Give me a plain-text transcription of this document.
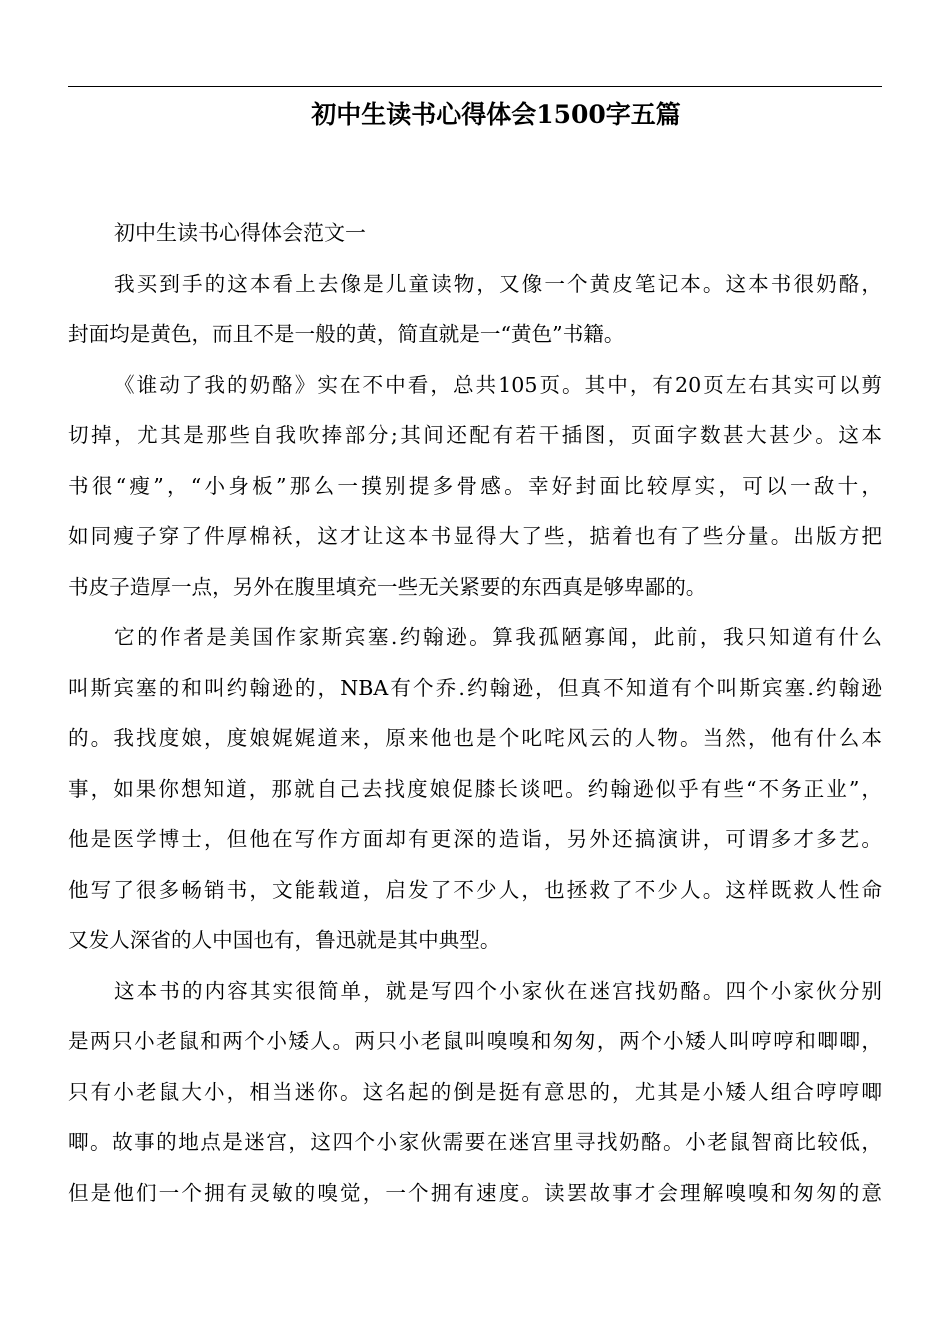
初中生读书心得体会1500字五篇

初中生读书心得体会范文一

我买到手的这本看上去像是儿童读物，又像一个黄皮笔记本。这本书很奶酪，
封面均是黄色，而且不是一般的黄，简直就是一“黄色”书籍。

《谁动了我的奶酪》实在不中看，总共105页。其中，有20页左右其实可以剪
切掉，尤其是那些自我吹捧部分;其间还配有若干插图，页面字数甚大甚少。这本
书很“瘦”，“小身板”那么一摸别提多骨感。幸好封面比较厚实，可以一敌十，
如同瘦子穿了件厚棉袄，这才让这本书显得大了些，掂着也有了些分量。出版方把
书皮子造厚一点，另外在腹里填充一些无关紧要的东西真是够卑鄙的。

它的作者是美国作家斯宾塞.约翰逊。算我孤陋寡闻，此前，我只知道有什么
叫斯宾塞的和叫约翰逊的，NBA有个乔.约翰逊，但真不知道有个叫斯宾塞.约翰逊
的。我找度娘，度娘娓娓道来，原来他也是个叱咤风云的人物。当然，他有什么本
事，如果你想知道，那就自己去找度娘促膝长谈吧。约翰逊似乎有些“不务正业”，
他是医学博士，但他在写作方面却有更深的造诣，另外还搞演讲，可谓多才多艺。
他写了很多畅销书，文能载道，启发了不少人，也拯救了不少人。这样既救人性命
又发人深省的人中国也有，鲁迅就是其中典型。

这本书的内容其实很简单，就是写四个小家伙在迷宫找奶酪。四个小家伙分别
是两只小老鼠和两个小矮人。两只小老鼠叫嗅嗅和匆匆，两个小矮人叫哼哼和唧唧，
只有小老鼠大小，相当迷你。这名起的倒是挺有意思的，尤其是小矮人组合哼哼唧
唧。故事的地点是迷宫，这四个小家伙需要在迷宫里寻找奶酪。小老鼠智商比较低，
但是他们一个拥有灵敏的嗅觉，一个拥有速度。读罢故事才会理解嗅嗅和匆匆的意
